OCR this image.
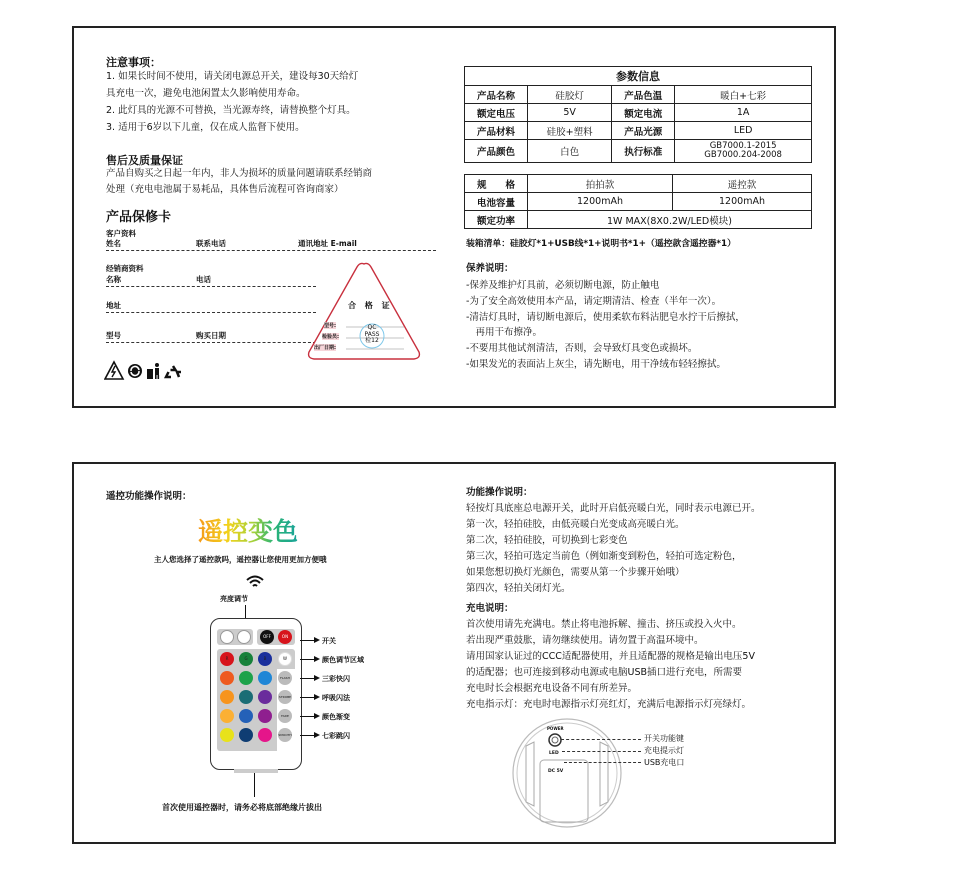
注意事项：
1. 如果长时间不使用，请关闭电源总开关，建设每30天给灯
具充电一次，避免电池闲置太久影响使用寿命。
2. 此灯具的光源不可替换，当光源寿终，请替换整个灯具。
3. 适用于6岁以下儿童，仅在成人监督下使用。
售后及质量保证
产品自购买之日起一年内，非人为损坏的质量问题请联系经销商
处理（充电电池属于易耗品，具体售后流程可咨询商家）
产品保修卡
客户资料
姓名	联系电话	通讯地址 E-mail
经销商资料
名称	电话
地址
型号	购买日期
合 格 证
型号:
检验员:
出厂日期:
QC
PASS
检12
参数信息			
产品名称	硅胶灯	产品色温	暖白+七彩
额定电压	5V	额定电流	1A
产品材料	硅胶+塑料	产品光源	LED
产品颜色	白色	执行标准	GB7000.1-2015
GB7000.204-2008
规　　格	拍拍款	遥控款
电池容量	1200mAh	1200mAh
额定功率	1W MAX(8X0.2W/LED模块)	
装箱清单：硅胶灯*1+USB线*1+说明书*1+（遥控款含遥控器*1）
保养说明：
-保养及维护灯具前，必须切断电源，防止触电
-为了安全高效使用本产品，请定期清洁、检查（半年一次）。
-清洁灯具时，请切断电源后，使用柔软布料沾肥皂水拧干后擦拭，
　再用干布擦净。
-不要用其他试剂清洁，否则，会导致灯具变色或损坏。
-如果发光的表面沾上灰尘，请先断电，用干净绒布轻轻擦拭。
遥控功能操作说明：
遥控变色
主人您选择了遥控款吗，遥控器让您使用更加方便哦
亮度调节
OFF	ON
R	G	B	W
FLASH
STROBE
FADE
SMOOTH
开关
颜色调节区域
三彩快闪
呼吸闪法
颜色渐变
七彩跳闪
首次使用遥控器时，请务必将底部绝缘片拔出
功能操作说明：
轻按灯具底座总电源开关，此时开启低亮暖白光，同时表示电源已开。
第一次，轻拍硅胶，由低亮暖白光变成高亮暖白光。
第二次，轻拍硅胶，可切换到七彩变色
第三次，轻拍可选定当前色（例如渐变到粉色，轻拍可选定粉色，
如果您想切换灯光颜色，需要从第一个步骤开始哦）
第四次，轻拍关闭灯光。
充电说明：
首次使用请先充满电。禁止将电池拆解、撞击、挤压或投入火中。
若出现严重鼓胀，请勿继续使用。请勿置于高温环境中。
请用国家认证过的CCC适配器使用，并且适配器的规格是输出电压5V
的适配器；也可连接到移动电源或电脑USB插口进行充电，所需要
充电时长会根据充电设备不同有所差异。
充电指示灯：充电时电源指示灯亮红灯，充满后电源指示灯亮绿灯。
POWER
LED
DC 5V
开关功能键
充电提示灯
USB充电口
